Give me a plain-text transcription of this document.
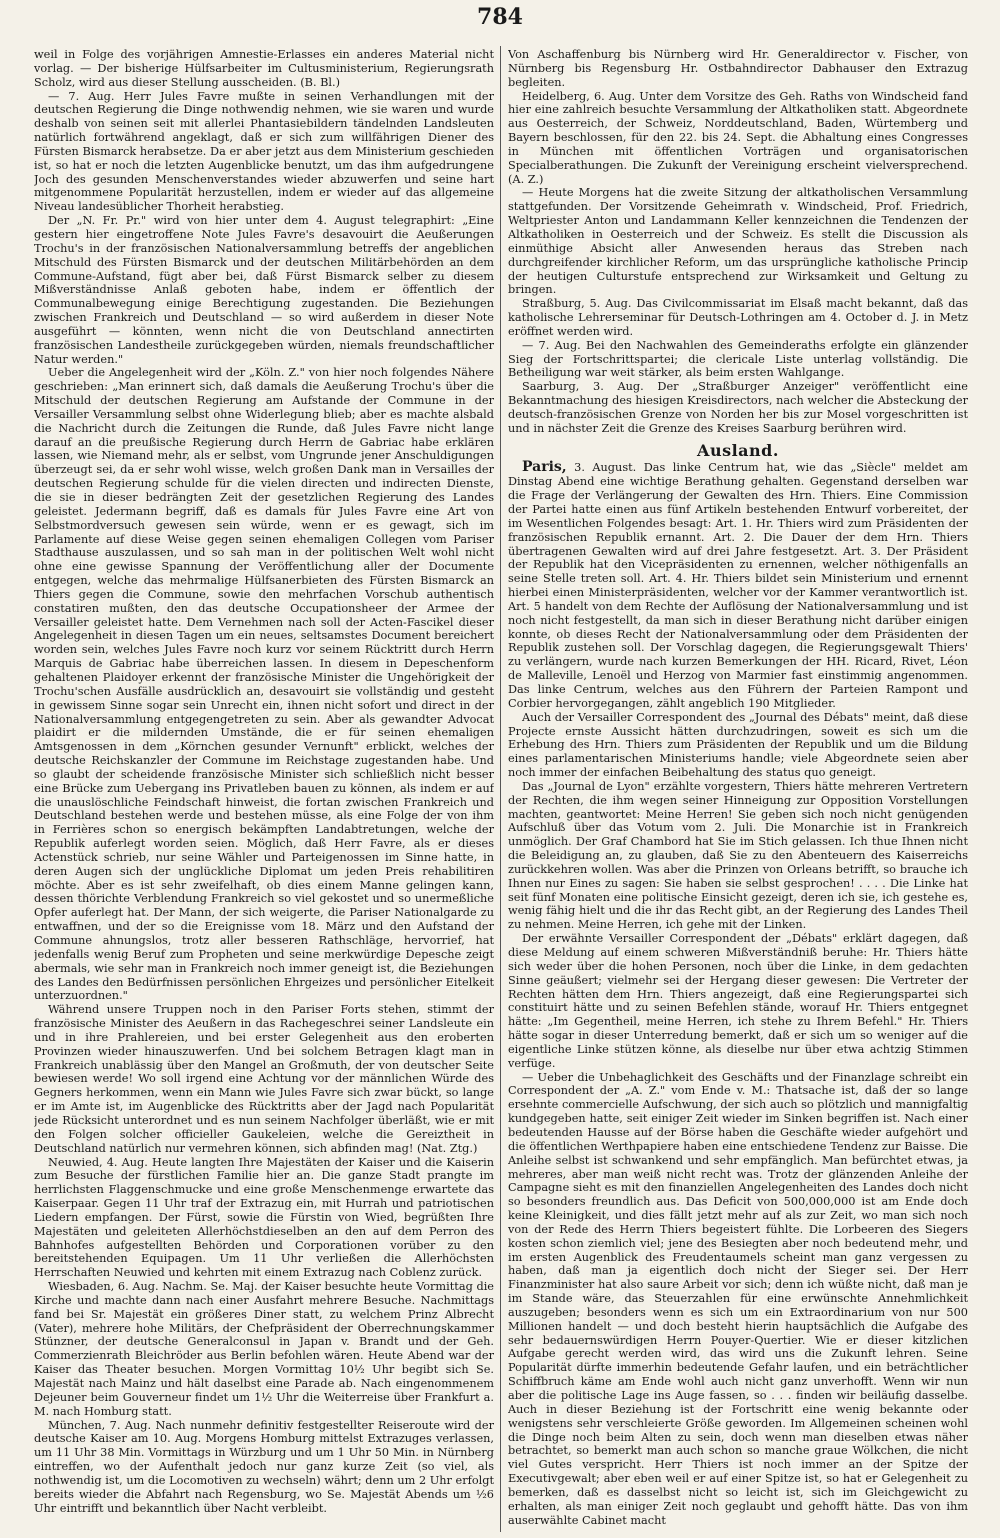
784

weil in Folge des vorjährigen Amnestie-Erlasses ein anderes Material nicht vorlag. — Der bisherige Hülfsarbeiter im Cultusministerium, Regierungsrath Scholz, wird aus dieser Stellung ausscheiden. (B. Bl.)

— 7. Aug. Herr Jules Favre mußte in seinen Verhandlungen mit der deutschen Regierung die Dinge nothwendig nehmen, wie sie waren und wurde deshalb von seinen seit mit allerlei Phantasiebildern tändelnden Landsleuten natürlich fortwährend angeklagt, daß er sich zum willfährigen Diener des Fürsten Bismarck herabsetze. Da er aber jetzt aus dem Ministerium geschieden ist, so hat er noch die letzten Augenblicke benutzt, um das ihm aufgedrungene Joch des gesunden Menschenverstandes wieder abzuwerfen und seine hart mitgenommene Popularität herzustellen, indem er wieder auf das allgemeine Niveau landesüblicher Thorheit herabstieg.

Der „N. Fr. Pr." wird von hier unter dem 4. August telegraphirt: „Eine gestern hier eingetroffene Note Jules Favre's desavouirt die Aeußerungen Trochu's in der französischen Nationalversammlung betreffs der angeblichen Mitschuld des Fürsten Bismarck und der deutschen Militärbehörden an dem Commune-Aufstand, fügt aber bei, daß Fürst Bismarck selber zu diesem Mißverständnisse Anlaß geboten habe, indem er öffentlich der Communalbewegung einige Berechtigung zugestanden. Die Beziehungen zwischen Frankreich und Deutschland — so wird außerdem in dieser Note ausgeführt — könnten, wenn nicht die von Deutschland annectirten französischen Landestheile zurückgegeben würden, niemals freundschaftlicher Natur werden."

Ueber die Angelegenheit wird der „Köln. Z." von hier noch folgendes Nähere geschrieben: „Man erinnert sich, daß damals die Aeußerung Trochu's über die Mitschuld der deutschen Regierung am Aufstande der Commune in der Versailler Versammlung selbst ohne Widerlegung blieb; aber es machte alsbald die Nachricht durch die Zeitungen die Runde, daß Jules Favre nicht lange darauf an die preußische Regierung durch Herrn de Gabriac habe erklären lassen, wie Niemand mehr, als er selbst, vom Ungrunde jener Anschuldigungen überzeugt sei, da er sehr wohl wisse, welch großen Dank man in Versailles der deutschen Regierung schulde für die vielen directen und indirecten Dienste, die sie in dieser bedrängten Zeit der gesetzlichen Regierung des Landes geleistet. Jedermann begriff, daß es damals für Jules Favre eine Art von Selbstmordversuch gewesen sein würde, wenn er es gewagt, sich im Parlamente auf diese Weise gegen seinen ehemaligen Collegen vom Pariser Stadthause auszulassen, und so sah man in der politischen Welt wohl nicht ohne eine gewisse Spannung der Veröffentlichung aller der Documente entgegen, welche das mehrmalige Hülfsanerbieten des Fürsten Bismarck an Thiers gegen die Commune, sowie den mehrfachen Vorschub authentisch constatiren mußten, den das deutsche Occupationsheer der Armee der Versailler geleistet hatte. Dem Vernehmen nach soll der Acten-Fascikel dieser Angelegenheit in diesen Tagen um ein neues, seltsamstes Document bereichert worden sein, welches Jules Favre noch kurz vor seinem Rücktritt durch Herrn Marquis de Gabriac habe überreichen lassen. In diesem in Depeschenform gehaltenen Plaidoyer erkennt der französische Minister die Ungehörigkeit der Trochu'schen Ausfälle ausdrücklich an, desavouirt sie vollständig und gesteht in gewissem Sinne sogar sein Unrecht ein, ihnen nicht sofort und direct in der Nationalversammlung entgegengetreten zu sein. Aber als gewandter Advocat plaidirt er die mildernden Umstände, die er für seinen ehemaligen Amtsgenossen in dem „Körnchen gesunder Vernunft" erblickt, welches der deutsche Reichskanzler der Commune im Reichstage zugestanden habe. Und so glaubt der scheidende französische Minister sich schließlich nicht besser eine Brücke zum Uebergang ins Privatleben bauen zu können, als indem er auf die unauslöschliche Feindschaft hinweist, die fortan zwischen Frankreich und Deutschland bestehen werde und bestehen müsse, als eine Folge der von ihm in Ferrières schon so energisch bekämpften Landabtretungen, welche der Republik auferlegt worden seien. Möglich, daß Herr Favre, als er dieses Actenstück schrieb, nur seine Wähler und Parteigenossen im Sinne hatte, in deren Augen sich der unglückliche Diplomat um jeden Preis rehabilitiren möchte. Aber es ist sehr zweifelhaft, ob dies einem Manne gelingen kann, dessen thörichte Verblendung Frankreich so viel gekostet und so unermeßliche Opfer auferlegt hat. Der Mann, der sich weigerte, die Pariser Nationalgarde zu entwaffnen, und der so die Ereignisse vom 18. März und den Aufstand der Commune ahnungslos, trotz aller besseren Rathschläge, hervorrief, hat jedenfalls wenig Beruf zum Propheten und seine merkwürdige Depesche zeigt abermals, wie sehr man in Frankreich noch immer geneigt ist, die Beziehungen des Landes den Bedürfnissen persönlichen Ehrgeizes und persönlicher Eitelkeit unterzuordnen."

Während unsere Truppen noch in den Pariser Forts stehen, stimmt der französische Minister des Aeußern in das Rachegeschrei seiner Landsleute ein und in ihre Prahlereien, und bei erster Gelegenheit aus den eroberten Provinzen wieder hinauszuwerfen. Und bei solchem Betragen klagt man in Frankreich unablässig über den Mangel an Großmuth, der von deutscher Seite bewiesen werde! Wo soll irgend eine Achtung vor der männlichen Würde des Gegners herkommen, wenn ein Mann wie Jules Favre sich zwar bückt, so lange er im Amte ist, im Augenblicke des Rücktritts aber der Jagd nach Popularität jede Rücksicht unterordnet und es nun seinem Nachfolger überläßt, wie er mit den Folgen solcher officieller Gaukeleien, welche die Gereiztheit in Deutschland natürlich nur vermehren können, sich abfinden mag! (Nat. Ztg.)

Neuwied, 4. Aug. Heute langten Ihre Majestäten der Kaiser und die Kaiserin zum Besuche der fürstlichen Familie hier an. Die ganze Stadt prangte im herrlichsten Flaggenschmucke und eine große Menschenmenge erwartete das Kaiserpaar. Gegen 11 Uhr traf der Extrazug ein, mit Hurrah und patriotischen Liedern empfangen. Der Fürst, sowie die Fürstin von Wied, begrüßten Ihre Majestäten und geleiteten Allerhöchstdieselben an den auf dem Perron des Bahnhofes aufgestellten Behörden und Corporationen vorüber zu den bereitstehenden Equipagen. Um 11 Uhr verließen die Allerhöchsten Herrschaften Neuwied und kehrten mit einem Extrazug nach Coblenz zurück.

Wiesbaden, 6. Aug. Nachm. Se. Maj. der Kaiser besuchte heute Vormittag die Kirche und machte dann nach einer Ausfahrt mehrere Besuche. Nachmittags fand bei Sr. Majestät ein größeres Diner statt, zu welchem Prinz Albrecht (Vater), mehrere hohe Militärs, der Chefpräsident der Oberrechnungskammer Stünzner, der deutsche Generalconsul in Japan v. Brandt und der Geh. Commerzienrath Bleichröder aus Berlin befohlen wären. Heute Abend war der Kaiser das Theater besuchen. Morgen Vormittag 10½ Uhr begibt sich Se. Majestät nach Mainz und hält daselbst eine Parade ab. Nach eingenommenem Dejeuner beim Gouverneur findet um 1½ Uhr die Weiterreise über Frankfurt a. M. nach Homburg statt.

München, 7. Aug. Nach nunmehr definitiv festgestellter Reiseroute wird der deutsche Kaiser am 10. Aug. Morgens Homburg mittelst Extrazuges verlassen, um 11 Uhr 38 Min. Vormittags in Würzburg und um 1 Uhr 50 Min. in Nürnberg eintreffen, wo der Aufenthalt jedoch nur ganz kurze Zeit (so viel, als nothwendig ist, um die Locomotiven zu wechseln) währt; denn um 2 Uhr erfolgt bereits wieder die Abfahrt nach Regensburg, wo Se. Majestät Abends um ½6 Uhr eintrifft und bekanntlich über Nacht verbleibt.

Von Aschaffenburg bis Nürnberg wird Hr. Generaldirector v. Fischer, von Nürnberg bis Regensburg Hr. Ostbahndirector Dabhauser den Extrazug begleiten.

Heidelberg, 6. Aug. Unter dem Vorsitze des Geh. Raths von Windscheid fand hier eine zahlreich besuchte Versammlung der Altkatholiken statt. Abgeordnete aus Oesterreich, der Schweiz, Norddeutschland, Baden, Würtemberg und Bayern beschlossen, für den 22. bis 24. Sept. die Abhaltung eines Congresses in München mit öffentlichen Vorträgen und organisatorischen Specialberathungen. Die Zukunft der Vereinigung erscheint vielversprechend. (A. Z.)

— Heute Morgens hat die zweite Sitzung der altkatholischen Versammlung stattgefunden. Der Vorsitzende Geheimrath v. Windscheid, Prof. Friedrich, Weltpriester Anton und Landammann Keller kennzeichnen die Tendenzen der Altkatholiken in Oesterreich und der Schweiz. Es stellt die Discussion als einmüthige Absicht aller Anwesenden heraus das Streben nach durchgreifender kirchlicher Reform, um das ursprüngliche katholische Princip der heutigen Culturstufe entsprechend zur Wirksamkeit und Geltung zu bringen.

Straßburg, 5. Aug. Das Civilcommissariat im Elsaß macht bekannt, daß das katholische Lehrerseminar für Deutsch-Lothringen am 4. October d. J. in Metz eröffnet werden wird.

— 7. Aug. Bei den Nachwahlen des Gemeinderaths erfolgte ein glänzender Sieg der Fortschrittspartei; die clericale Liste unterlag vollständig. Die Betheiligung war weit stärker, als beim ersten Wahlgange.

Saarburg, 3. Aug. Der „Straßburger Anzeiger" veröffentlicht eine Bekanntmachung des hiesigen Kreisdirectors, nach welcher die Absteckung der deutsch-französischen Grenze von Norden her bis zur Mosel vorgeschritten ist und in nächster Zeit die Grenze des Kreises Saarburg berühren wird.

Ausland.

Paris, 3. August. Das linke Centrum hat, wie das „Siècle" meldet am Dinstag Abend eine wichtige Berathung gehalten. Gegenstand derselben war die Frage der Verlängerung der Gewalten des Hrn. Thiers. Eine Commission der Partei hatte einen aus fünf Artikeln bestehenden Entwurf vorbereitet, der im Wesentlichen Folgendes besagt: Art. 1. Hr. Thiers wird zum Präsidenten der französischen Republik ernannt. Art. 2. Die Dauer der dem Hrn. Thiers übertragenen Gewalten wird auf drei Jahre festgesetzt. Art. 3. Der Präsident der Republik hat den Vicepräsidenten zu ernennen, welcher nöthigenfalls an seine Stelle treten soll. Art. 4. Hr. Thiers bildet sein Ministerium und ernennt hierbei einen Ministerpräsidenten, welcher vor der Kammer verantwortlich ist. Art. 5 handelt von dem Rechte der Auflösung der Nationalversammlung und ist noch nicht festgestellt, da man sich in dieser Berathung nicht darüber einigen konnte, ob dieses Recht der Nationalversammlung oder dem Präsidenten der Republik zustehen soll. Der Vorschlag dagegen, die Regierungsgewalt Thiers' zu verlängern, wurde nach kurzen Bemerkungen der HH. Ricard, Rivet, Léon de Malleville, Lenoël und Herzog von Marmier fast einstimmig angenommen. Das linke Centrum, welches aus den Führern der Parteien Rampont und Corbier hervorgegangen, zählt angeblich 190 Mitglieder.

Auch der Versailler Correspondent des „Journal des Débats" meint, daß diese Projecte ernste Aussicht hätten durchzudringen, soweit es sich um die Erhebung des Hrn. Thiers zum Präsidenten der Republik und um die Bildung eines parlamentarischen Ministeriums handle; viele Abgeordnete seien aber noch immer der einfachen Beibehaltung des status quo geneigt.

Das „Journal de Lyon" erzählte vorgestern, Thiers hätte mehreren Vertretern der Rechten, die ihm wegen seiner Hinneigung zur Opposition Vorstellungen machten, geantwortet: Meine Herren! Sie geben sich noch nicht genügenden Aufschluß über das Votum vom 2. Juli. Die Monarchie ist in Frankreich unmöglich. Der Graf Chambord hat Sie im Stich gelassen. Ich thue Ihnen nicht die Beleidigung an, zu glauben, daß Sie zu den Abenteuern des Kaiserreichs zurückkehren wollen. Was aber die Prinzen von Orleans betrifft, so brauche ich Ihnen nur Eines zu sagen: Sie haben sie selbst gesprochen! . . . . Die Linke hat seit fünf Monaten eine politische Einsicht gezeigt, deren ich sie, ich gestehe es, wenig fähig hielt und die ihr das Recht gibt, an der Regierung des Landes Theil zu nehmen. Meine Herren, ich gehe mit der Linken.

Der erwähnte Versailler Correspondent der „Débats" erklärt dagegen, daß diese Meldung auf einem schweren Mißverständniß beruhe: Hr. Thiers hätte sich weder über die hohen Personen, noch über die Linke, in dem gedachten Sinne geäußert; vielmehr sei der Hergang dieser gewesen: Die Vertreter der Rechten hätten dem Hrn. Thiers angezeigt, daß eine Regierungspartei sich constituirt hätte und zu seinen Befehlen stände, worauf Hr. Thiers entgegnet hätte: „Im Gegentheil, meine Herren, ich stehe zu Ihrem Befehl." Hr. Thiers hätte sogar in dieser Unterredung bemerkt, daß er sich um so weniger auf die eigentliche Linke stützen könne, als dieselbe nur über etwa achtzig Stimmen verfüge.

— Ueber die Unbehaglichkeit des Geschäfts und der Finanzlage schreibt ein Correspondent der „A. Z." vom Ende v. M.: Thatsache ist, daß der so lange ersehnte commercielle Aufschwung, der sich auch so plötzlich und mannigfaltig kundgegeben hatte, seit einiger Zeit wieder im Sinken begriffen ist. Nach einer bedeutenden Hausse auf der Börse haben die Geschäfte wieder aufgehört und die öffentlichen Werthpapiere haben eine entschiedene Tendenz zur Baisse. Die Anleihe selbst ist schwankend und sehr empfänglich. Man befürchtet etwas, ja mehreres, aber man weiß nicht recht was. Trotz der glänzenden Anleihe der Campagne sieht es mit den finanziellen Angelegenheiten des Landes doch nicht so besonders freundlich aus. Das Deficit von 500,000,000 ist am Ende doch keine Kleinigkeit, und dies fällt jetzt mehr auf als zur Zeit, wo man sich noch von der Rede des Herrn Thiers begeistert fühlte. Die Lorbeeren des Siegers kosten schon ziemlich viel; jene des Besiegten aber noch bedeutend mehr, und im ersten Augenblick des Freudentaumels scheint man ganz vergessen zu haben, daß man ja eigentlich doch nicht der Sieger sei. Der Herr Finanzminister hat also saure Arbeit vor sich; denn ich wüßte nicht, daß man je im Stande wäre, das Steuerzahlen für eine erwünschte Annehmlichkeit auszugeben; besonders wenn es sich um ein Extraordinarium von nur 500 Millionen handelt — und doch besteht hierin hauptsächlich die Aufgabe des sehr bedauernswürdigen Herrn Pouyer-Quertier. Wie er dieser kitzlichen Aufgabe gerecht werden wird, das wird uns die Zukunft lehren. Seine Popularität dürfte immerhin bedeutende Gefahr laufen, und ein beträchtlicher Schiffbruch käme am Ende wohl auch nicht ganz unverhofft. Wenn wir nun aber die politische Lage ins Auge fassen, so . . . finden wir beiläufig dasselbe. Auch in dieser Beziehung ist der Fortschritt eine wenig bekannte oder wenigstens sehr verschleierte Größe geworden. Im Allgemeinen scheinen wohl die Dinge noch beim Alten zu sein, doch wenn man dieselben etwas näher betrachtet, so bemerkt man auch schon so manche graue Wölkchen, die nicht viel Gutes verspricht. Herr Thiers ist noch immer an der Spitze der Executivgewalt; aber eben weil er auf einer Spitze ist, so hat er Gelegenheit zu bemerken, daß es dasselbst nicht so leicht ist, sich im Gleichgewicht zu erhalten, als man einiger Zeit noch geglaubt und gehofft hätte. Das von ihm auserwählte Cabinet macht
